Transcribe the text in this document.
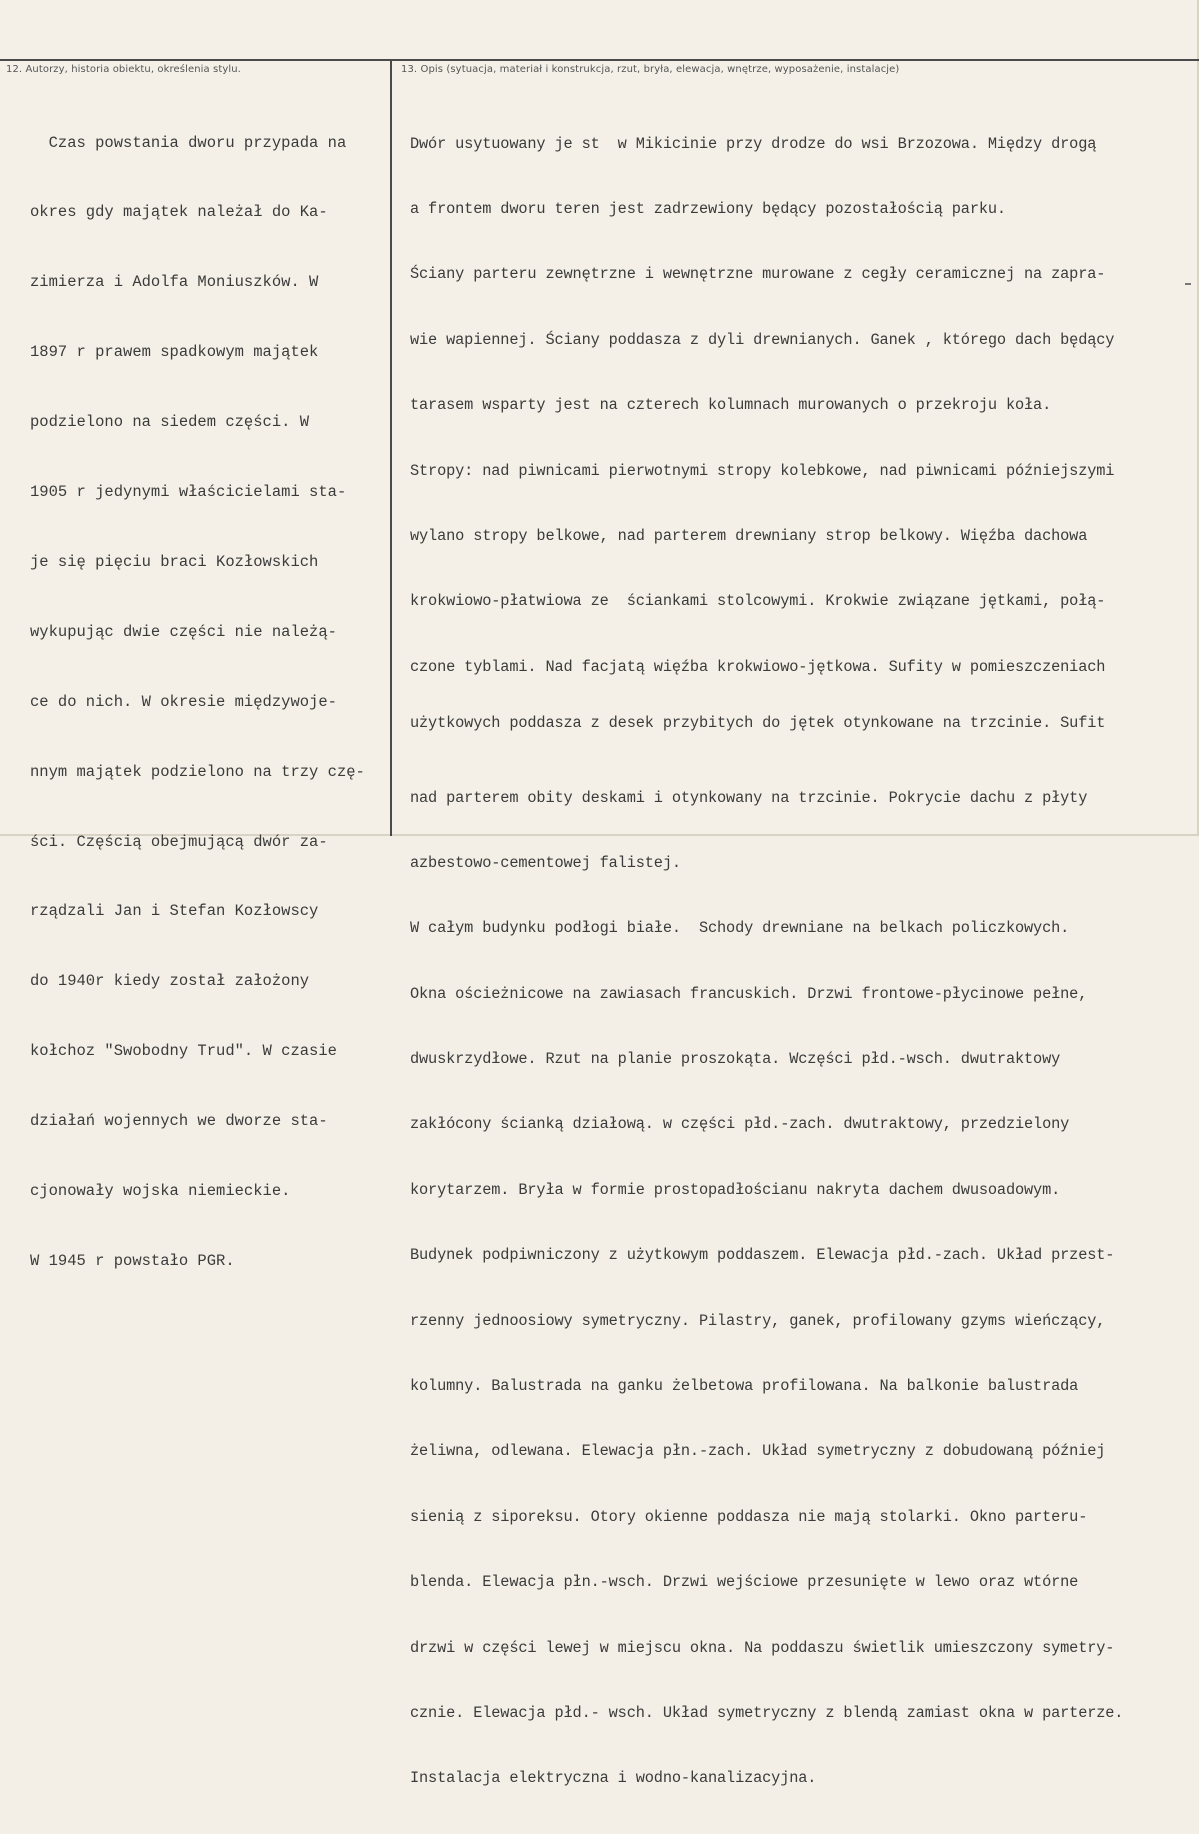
12. Autorzy, historia obiektu, określenia stylu.	13. Opis (sytuacja, materiał i konstrukcja, rzut, bryła, elewacja, wnętrze, wyposażenie, instalacje)

Czas powstania dworu przypada na

okres gdy majątek należał do Ka-

zimierza i Adolfa Moniuszków. W

1897 r prawem spadkowym majątek

podzielono na siedem części. W

1905 r jedynymi właścicielami sta-

je się pięciu braci Kozłowskich

wykupując dwie części nie należą-

ce do nich. W okresie międzywoje-

nnym majątek podzielono na trzy czę-

ści. Częścią obejmującą dwór za-

rządzali Jan i Stefan Kozłowscy

do 1940r kiedy został założony

kołchoz "Swobodny Trud". W czasie

działań wojennych we dworze sta-

cjonowały wojska niemieckie.

W 1945 r powstało PGR.

Dwór usytuowany je st  w Mikicinie przy drodze do wsi Brzozowa. Między drogą

a frontem dworu teren jest zadrzewiony będący pozostałością parku.

Ściany parteru zewnętrzne i wewnętrzne murowane z cegły ceramicznej na zapra-

wie wapiennej. Ściany poddasza z dyli drewnianych. Ganek , którego dach będący

tarasem wsparty jest na czterech kolumnach murowanych o przekroju koła.

Stropy: nad piwnicami pierwotnymi stropy kolebkowe, nad piwnicami późniejszymi

wylano stropy belkowe, nad parterem drewniany strop belkowy. Więźba dachowa

krokwiowo-płatwiowa ze  ściankami stolcowymi. Krokwie związane jętkami, połą-

czone tyblami. Nad facjatą więźba krokwiowo-jętkowa. Sufity w pomieszczeniach

użytkowych poddasza z desek przybitych do jętek otynkowane na trzcinie. Sufit

nad parterem obity deskami i otynkowany na trzcinie. Pokrycie dachu z płyty

azbestowo-cementowej falistej.

W całym budynku podłogi białe.  Schody drewniane na belkach policzkowych.

Okna ościeżnicowe na zawiasach francuskich. Drzwi frontowe-płycinowe pełne,

dwuskrzydłowe. Rzut na planie proszokąta. Wczęści płd.-wsch. dwutraktowy

zakłócony ścianką działową. w części płd.-zach. dwutraktowy, przedzielony

korytarzem. Bryła w formie prostopadłościanu nakryta dachem dwusoadowym.

Budynek podpiwniczony z użytkowym poddaszem. Elewacja płd.-zach. Układ przest-

rzenny jednoosiowy symetryczny. Pilastry, ganek, profilowany gzyms wieńczący,

kolumny. Balustrada na ganku żelbetowa profilowana. Na balkonie balustrada

żeliwna, odlewana. Elewacja płn.-zach. Układ symetryczny z dobudowaną później

sienią z siporeksu. Otory okienne poddasza nie mają stolarki. Okno parteru-

blenda. Elewacja płn.-wsch. Drzwi wejściowe przesunięte w lewo oraz wtórne

drzwi w części lewej w miejscu okna. Na poddaszu świetlik umieszczony symetry-

cznie. Elewacja płd.- wsch. Układ symetryczny z blendą zamiast okna w parterze.

Instalacja elektryczna i wodno-kanalizacyjna.
